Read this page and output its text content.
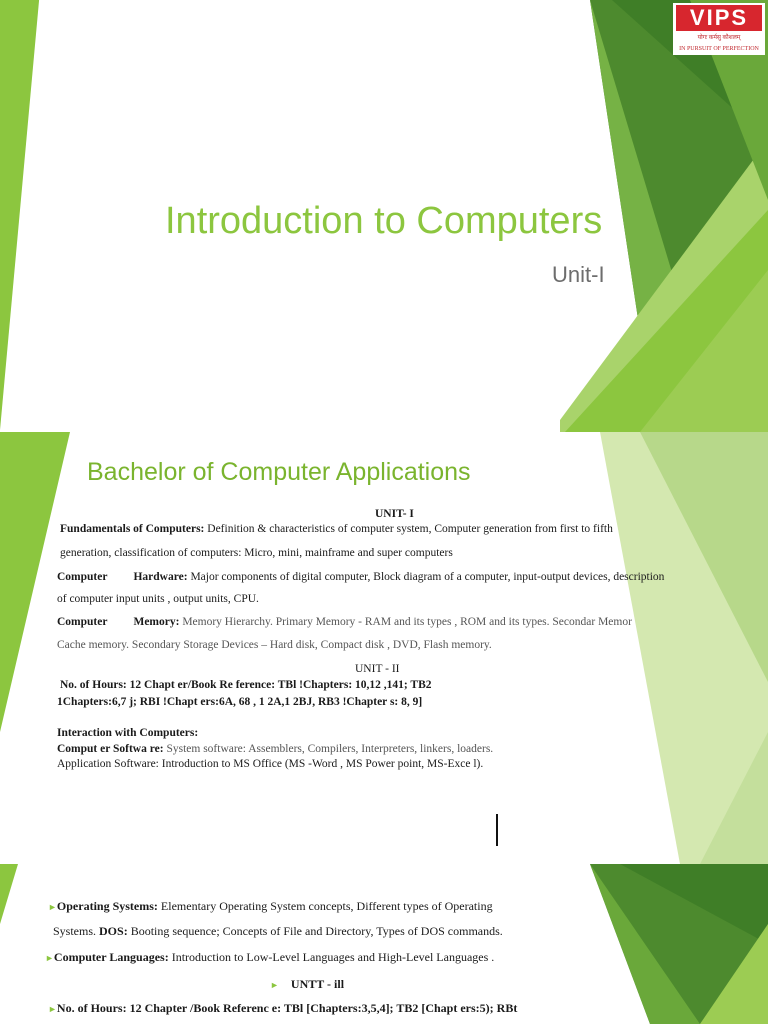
VIPS
योगः कर्मसु कौशलम्
IN PURSUIT OF PERFECTION
Introduction to Computers
Unit-I
Bachelor of Computer Applications
UNIT- I
Fundamentals of Computers: Definition & characteristics of computer system, Computer generation from first to fifth
generation, classification of computers: Micro, mini, mainframe and super computers
Computer Hardware: Major components of digital computer, Block diagram of a computer, input-output devices, description
of computer input units , output units, CPU.
Computer Memory: Memory Hierarchy. Primary Memory - RAM and its types , ROM and its types. Secondar Memor
Cache memory. Secondary Storage Devices – Hard disk, Compact disk , DVD, Flash memory.
UNIT - II
No. of Hours: 12 Chapt er/Book Re ference: TBl !Chapters: 10,12 ,141; TB2
1Chapters:6,7 j; RBI !Chapt ers:6A, 68 , 1 2A,1 2BJ, RB3 !Chapter s: 8, 9]
Interaction with Computers:
Comput er Softwa re: System software: Assemblers, Compilers, Interpreters, linkers, loaders.
Application Software: Introduction to MS Office (MS -Word , MS Power point, MS-Exce l).
►Operating Systems: Elementary Operating System concepts, Different types of Operating
Systems. DOS: Booting sequence; Concepts of File and Directory, Types of DOS commands.
►Computer Languages: Introduction to Low-Level Languages and High-Level Languages .
► UNTT - ill
►No. of Hours: 12 Chapter /Book Referenc e: TBl [Chapters:3,5,4]; TB2 [Chapt ers:5); RBt
